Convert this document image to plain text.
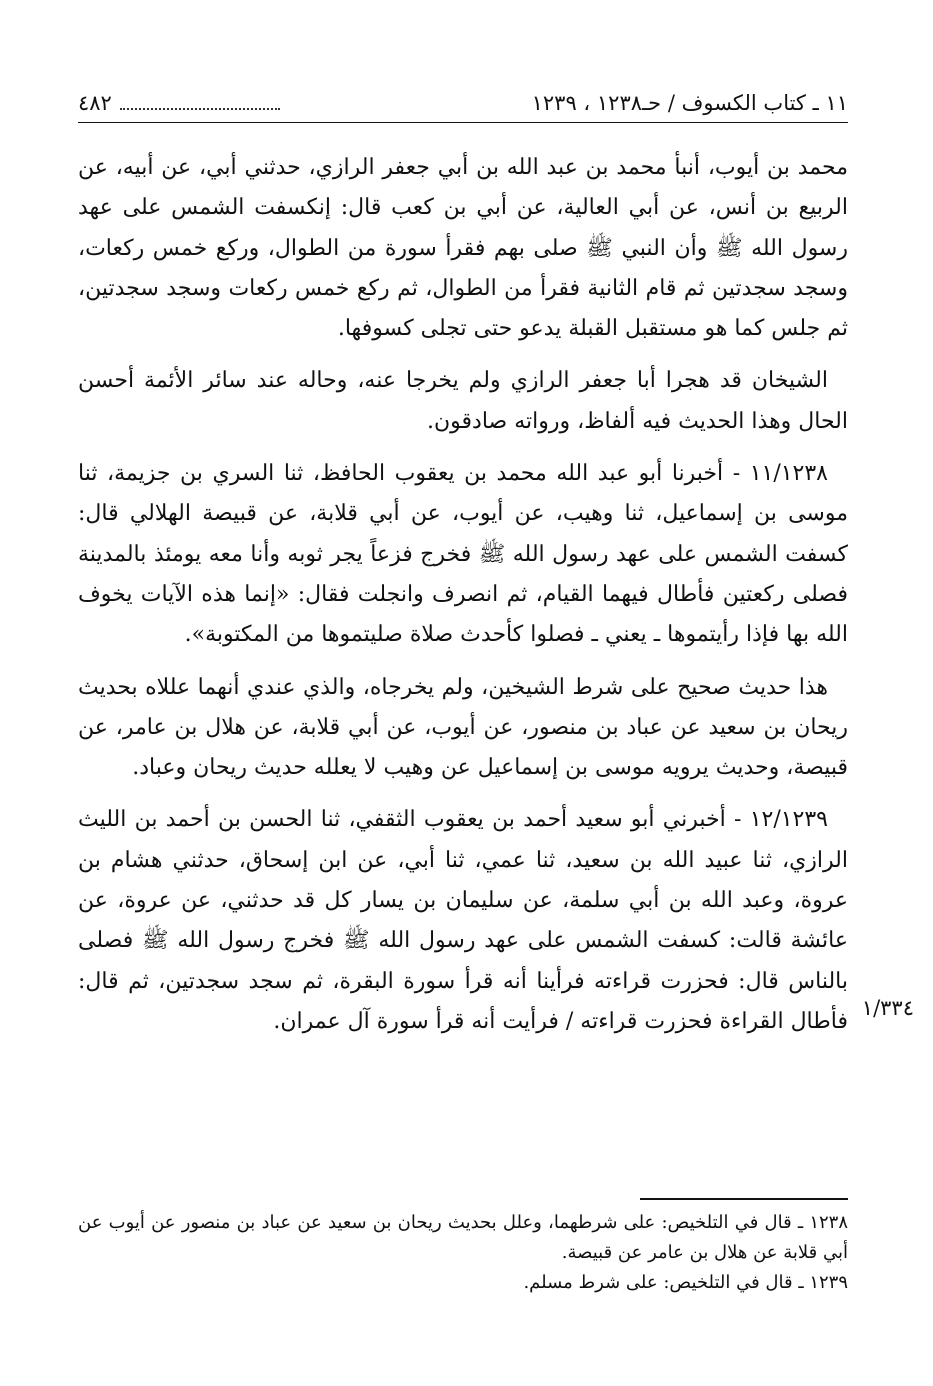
١١ ـ كتاب الكسوف / حـ١٢٣٨ ، ١٢٣٩
٤٨٢

محمد بن أيوب، أنبأ محمد بن عبد الله بن أبي جعفر الرازي، حدثني أبي، عن أبيه، عن الربيع بن أنس، عن أبي العالية، عن أبي بن كعب قال: إنكسفت الشمس على عهد رسول الله ﷺ وأن النبي ﷺ صلى بهم فقرأ سورة من الطوال، وركع خمس ركعات، وسجد سجدتين ثم قام الثانية فقرأ من الطوال، ثم ركع خمس ركعات وسجد سجدتين، ثم جلس كما هو مستقبل القبلة يدعو حتى تجلى كسوفها.

الشيخان قد هجرا أبا جعفر الرازي ولم يخرجا عنه، وحاله عند سائر الأئمة أحسن الحال وهذا الحديث فيه ألفاظ، ورواته صادقون.

١١/١٢٣٨ - أخبرنا أبو عبد الله محمد بن يعقوب الحافظ، ثنا السري بن جزيمة، ثنا موسى بن إسماعيل، ثنا وهيب، عن أيوب، عن أبي قلابة، عن قبيصة الهلالي قال: كسفت الشمس على عهد رسول الله ﷺ فخرج فزعاً يجر ثوبه وأنا معه يومئذ بالمدينة فصلى ركعتين فأطال فيهما القيام، ثم انصرف وانجلت فقال: «إنما هذه الآيات يخوف الله بها فإذا رأيتموها ـ يعني ـ فصلوا كأحدث صلاة صليتموها من المكتوبة».

هذا حديث صحيح على شرط الشيخين، ولم يخرجاه، والذي عندي أنهما عللاه بحديث ريحان بن سعيد عن عباد بن منصور، عن أيوب، عن أبي قلابة، عن هلال بن عامر، عن قبيصة، وحديث يرويه موسى بن إسماعيل عن وهيب لا يعلله حديث ريحان وعباد.

١٢/١٢٣٩ - أخبرني أبو سعيد أحمد بن يعقوب الثقفي، ثنا الحسن بن أحمد بن الليث الرازي، ثنا عبيد الله بن سعيد، ثنا عمي، ثنا أبي، عن ابن إسحاق، حدثني هشام بن عروة، وعبد الله بن أبي سلمة، عن سليمان بن يسار كل قد حدثني، عن عروة، عن عائشة قالت: كسفت الشمس على عهد رسول الله ﷺ فخرج رسول الله ﷺ فصلى بالناس قال: فحزرت قراءته فرأينا أنه قرأ سورة البقرة، ثم سجد سجدتين، ثم قال: فأطال القراءة فحزرت قراءته / فرأيت أنه قرأ سورة آل عمران.

١/٣٣٤

١٢٣٨ ـ قال في التلخيص: على شرطهما، وعلل بحديث ريحان بن سعيد عن عباد بن منصور عن أيوب عن أبي قلابة عن هلال بن عامر عن قبيصة.

١٢٣٩ ـ قال في التلخيص: على شرط مسلم.
